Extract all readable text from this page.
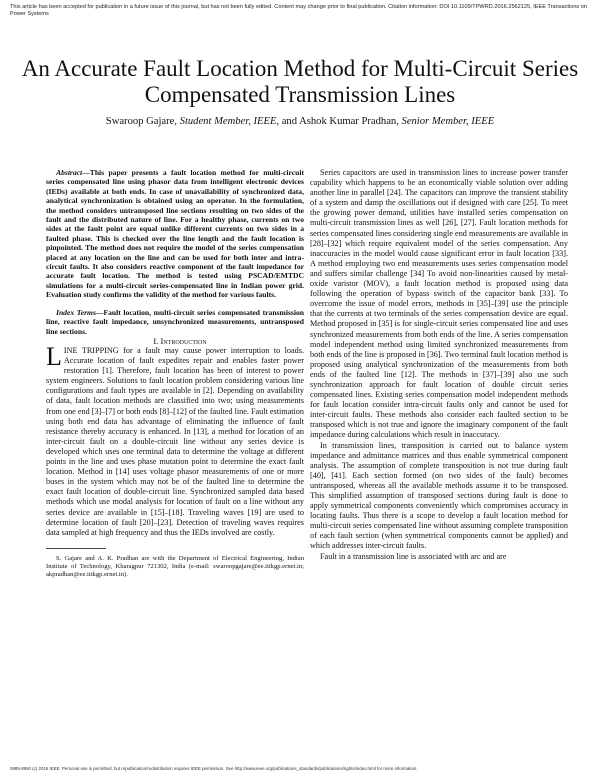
This article has been accepted for publication in a future issue of this journal, but has not been fully edited. Content may change prior to final publication. Citation information: DOI 10.1109/TPWRD.2016.2562125, IEEE Transactions on Power Systems
An Accurate Fault Location Method for Multi-Circuit Series Compensated Transmission Lines
Swaroop Gajare, Student Member, IEEE, and Ashok Kumar Pradhan, Senior Member, IEEE

Abstract—This paper presents a fault location method for multi-circuit series compensated line using phasor data from intelligent electronic devices (IEDs) available at both ends. In case of unavailability of synchronized data, analytical synchronization is obtained using an operator. In the formulation, the method considers untransposed line sections resulting on two sides of the fault and the distributed nature of line. For a healthy phase, currents on two sides at the fault point are equal unlike different currents on two sides in a faulted phase. This is checked over the line length and the fault location is pinpointed. The method does not require the model of the series compensation placed at any location on the line and can be used for both inter and intra-circuit faults. It also considers reactive component of the fault impedance for accurate fault location. The method is tested using PSCAD/EMTDC simulations for a multi-circuit series-compensated line in Indian power grid. Evaluation study confirms the validity of the method for various faults.

Index Terms—Fault location, multi-circuit series compensated transmission line, reactive fault impedance, unsynchronized measurements, untransposed line sections.

I. Introduction

LINE TRIPPING for a fault may cause power interruption to loads. Accurate location of fault expedites repair and enables faster power restoration [1]. Therefore, fault location has been of interest to power system engineers. Solutions to fault location problem considering various line configurations and fault types are available in [2]. Depending on availability of data, fault location methods are classified into two; using measurements from one end [3]–[7] or both ends [8]–[12] of the faulted line. Fault estimation using both end data has advantage of eliminating the influence of fault resistance thereby accuracy is enhanced. In [13], a method for location of an inter-circuit fault on a double-circuit line without any series device is developed which uses one terminal data to determine the voltage at different points in the line and uses phase mutation point to determine the exact fault location. Method in [14] uses voltage phasor measurements of one or more buses in the system which may not be of the faulted line to determine the exact fault location of double-circuit line. Synchronized sampled data based methods which use modal analysis for location of fault on a line without any series device are available in [15]–[18]. Traveling waves [19] are used to determine location of fault [20]–[23]. Detection of traveling waves requires data sampled at high frequency and thus the IEDs involved are costly.

S. Gajare and A. K. Pradhan are with the Department of Electrical Engineering, Indian Institute of Technology, Kharagpur 721302, India (e-mail: swaroopgajare@ee.iitkgp.ernet.in; akpradhan@ee.iitkgp.ernet.in).

Series capacitors are used in transmission lines to increase power transfer capability which happens to be an economically viable solution over adding another line in parallel [24]. The capacitors can improve the transient stability of a system and damp the oscillations out if designed with care [25]. To meet the growing power demand, utilities have installed series compensation on multi-circuit transmission lines as well [26], [27]. Fault location methods for series compensated lines considering single end measurements are available in [28]–[32] which require equivalent model of the series compensation. Any inaccuracies in the model would cause significant error in fault location [33]. A method employing two end measurements uses series compensation model and suffers similar challenge [34] To avoid non-linearities caused by metal-oxide varistor (MOV), a fault location method is proposed using data following the operation of bypass switch of the capacitor bank [33]. To overcome the issue of model errors, methods in [35]–[39] use the principle that the currents at two terminals of the series compensation device are equal. Method proposed in [35] is for single-circuit series compensated line and uses synchronized measurements from both ends of the line. A series compensation model independent method using limited synchronized measurements from both ends of the line is proposed in [36]. Two terminal fault location method is proposed using analytical synchronization of the measurements from both ends of the faulted line [12]. The methods in [37]–[39] also use such synchronization approach for fault location of double circuit series compensated lines. Existing series compensation model independent methods for fault location consider intra-circuit faults only and cannot be used for inter-circuit faults. These methods also consider each faulted section to be transposed which is not true and ignore the imaginary component of the fault impedance during calculations which result in inaccuracy.

In transmission lines, transposition is carried out to balance system impedance and admittance matrices and thus enable symmetrical component analysis. The assumption of complete transposition is not true during fault [40], [41]. Each section formed (on two sides of the fault) becomes untransposed, whereas all the available methods assume it to be transposed. This simplified assumption of transposed sections during fault is done to apply symmetrical components conveniently which compromises accuracy in locating faults. Thus there is a scope to develop a fault location method for multi-circuit series compensated line without assuming complete transposition of each fault section (when symmetrical components cannot be applied) and which addresses inter-circuit faults.

Fault in a transmission line is associated with arc and are

0885-8950 (c) 2016 IEEE. Personal use is permitted, but republication/redistribution requires IEEE permission. See http://www.ieee.org/publications_standards/publications/rights/index.html for more information.
